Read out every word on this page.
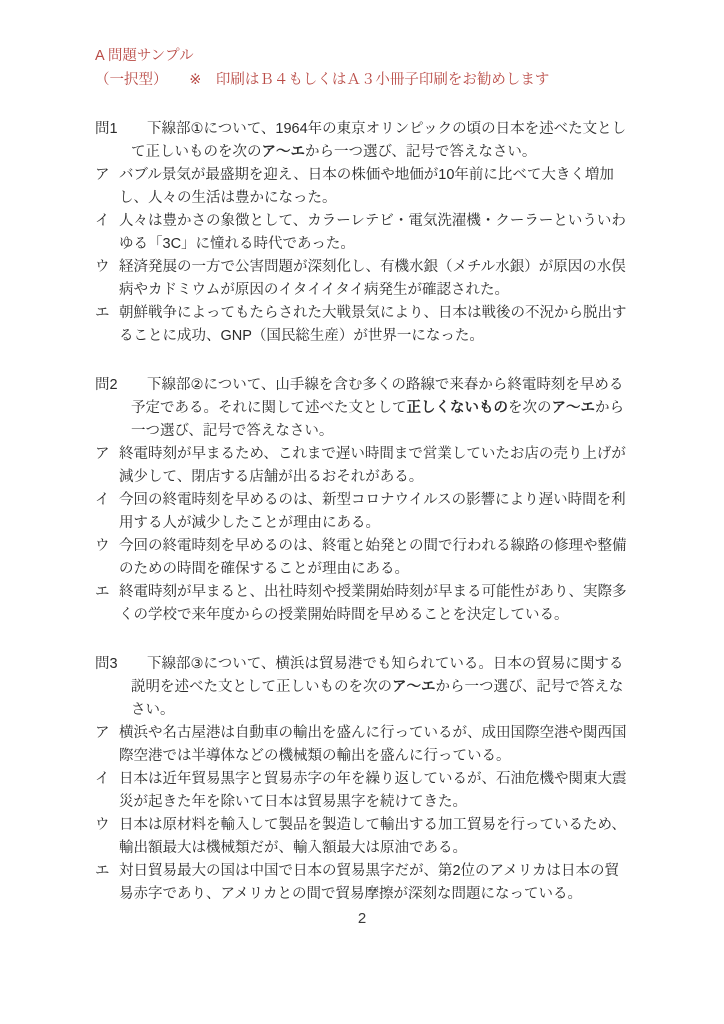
A 問題サンプル
（一択型）　　※　印刷はＢ４もしくはＡ３小冊子印刷をお勧めします
問1	下線部①について、1964年の東京オリンピックの頃の日本を述べた文として正しいものを次のア～エから一つ選び、記号で答えなさい。
ア バブル景気が最盛期を迎え、日本の株価や地価が10年前に比べて大きく増加し、人々の生活は豊かになった。
イ 人々は豊かさの象徴として、カラーレテビ・電気洗濯機・クーラーといういわゆる「3C」に憧れる時代であった。
ウ 経済発展の一方で公害問題が深刻化し、有機水銀（メチル水銀）が原因の水俣病やカドミウムが原因のイタイイタイ病発生が確認された。
エ 朝鮮戦争によってもたらされた大戦景気により、日本は戦後の不況から脱出することに成功、GNP（国民総生産）が世界一になった。
問2	下線部②について、山手線を含む多くの路線で来春から終電時刻を早める予定である。それに関して述べた文として正しくないものを次のア～エから一つ選び、記号で答えなさい。
ア 終電時刻が早まるため、これまで遅い時間まで営業していたお店の売り上げが減少して、閉店する店舗が出るおそれがある。
イ 今回の終電時刻を早めるのは、新型コロナウイルスの影響により遅い時間を利用する人が減少したことが理由にある。
ウ 今回の終電時刻を早めるのは、終電と始発との間で行われる線路の修理や整備のための時間を確保することが理由にある。
エ 終電時刻が早まると、出社時刻や授業開始時刻が早まる可能性があり、実際多くの学校で来年度からの授業開始時間を早めることを決定している。
問3	下線部③について、横浜は貿易港でも知られている。日本の貿易に関する説明を述べた文として正しいものを次のア～エから一つ選び、記号で答えなさい。
ア 横浜や名古屋港は自動車の輸出を盛んに行っているが、成田国際空港や関西国際空港では半導体などの機械類の輸出を盛んに行っている。
イ 日本は近年貿易黒字と貿易赤字の年を繰り返しているが、石油危機や関東大震災が起きた年を除いて日本は貿易黒字を続けてきた。
ウ 日本は原材料を輸入して製品を製造して輸出する加工貿易を行っているため、輸出額最大は機械類だが、輸入額最大は原油である。
エ 対日貿易最大の国は中国で日本の貿易黒字だが、第2位のアメリカは日本の貿易赤字であり、アメリカとの間で貿易摩擦が深刻な問題になっている。
2
